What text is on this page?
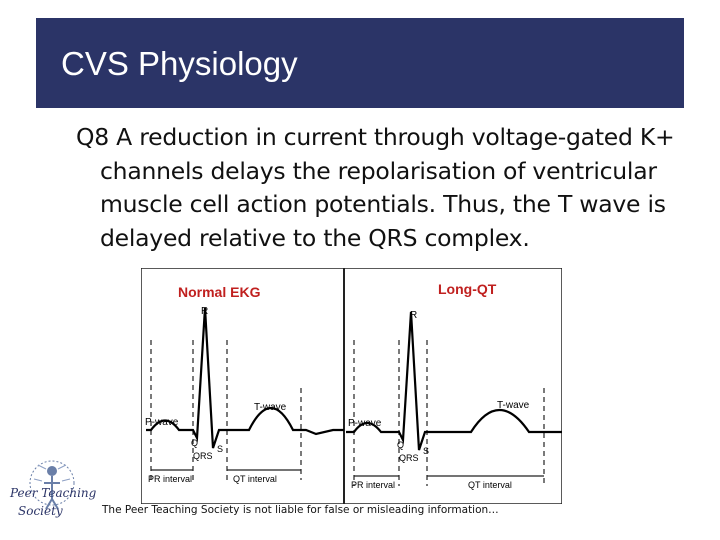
CVS Physiology

Q8 A reduction in current through voltage-gated K+ channels delays the repolarisation of ventricular muscle cell action potentials. Thus, the T wave is delayed relative to the QRS complex.

Normal EKG
R
P-wave
T-wave
Q
S
QRS
PR interval	QT interval
Long-QT
R
P-wave
T-wave
Q
S
QRS
PR interval	QT interval
Peer Teaching
Society	The Peer Teaching Society is not liable for false or misleading information…
